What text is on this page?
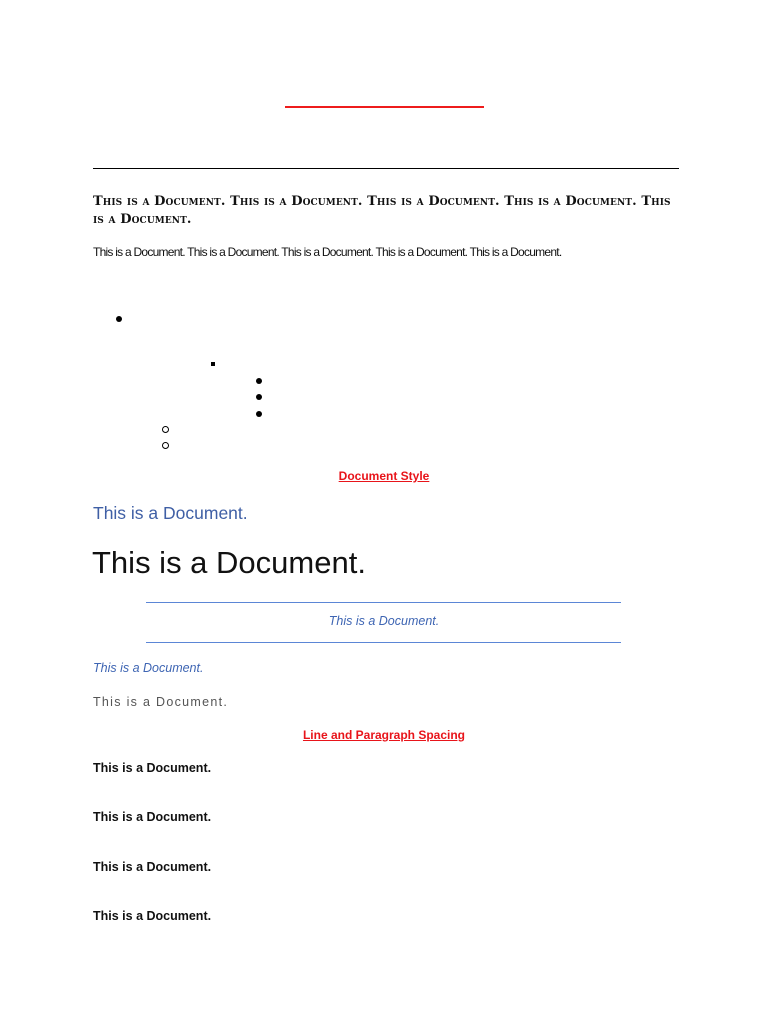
This is a Document. This is a Document. This is a Document. This is a Document. This is a Document.
This is a Document. This is a Document. This is a Document. This is a Document. This is a Document.
Document Style
This is a Document.
This is a Document.
This is a Document.
This is a Document.
This is a Document.
Line and Paragraph Spacing
This is a Document.
This is a Document.
This is a Document.
This is a Document.
